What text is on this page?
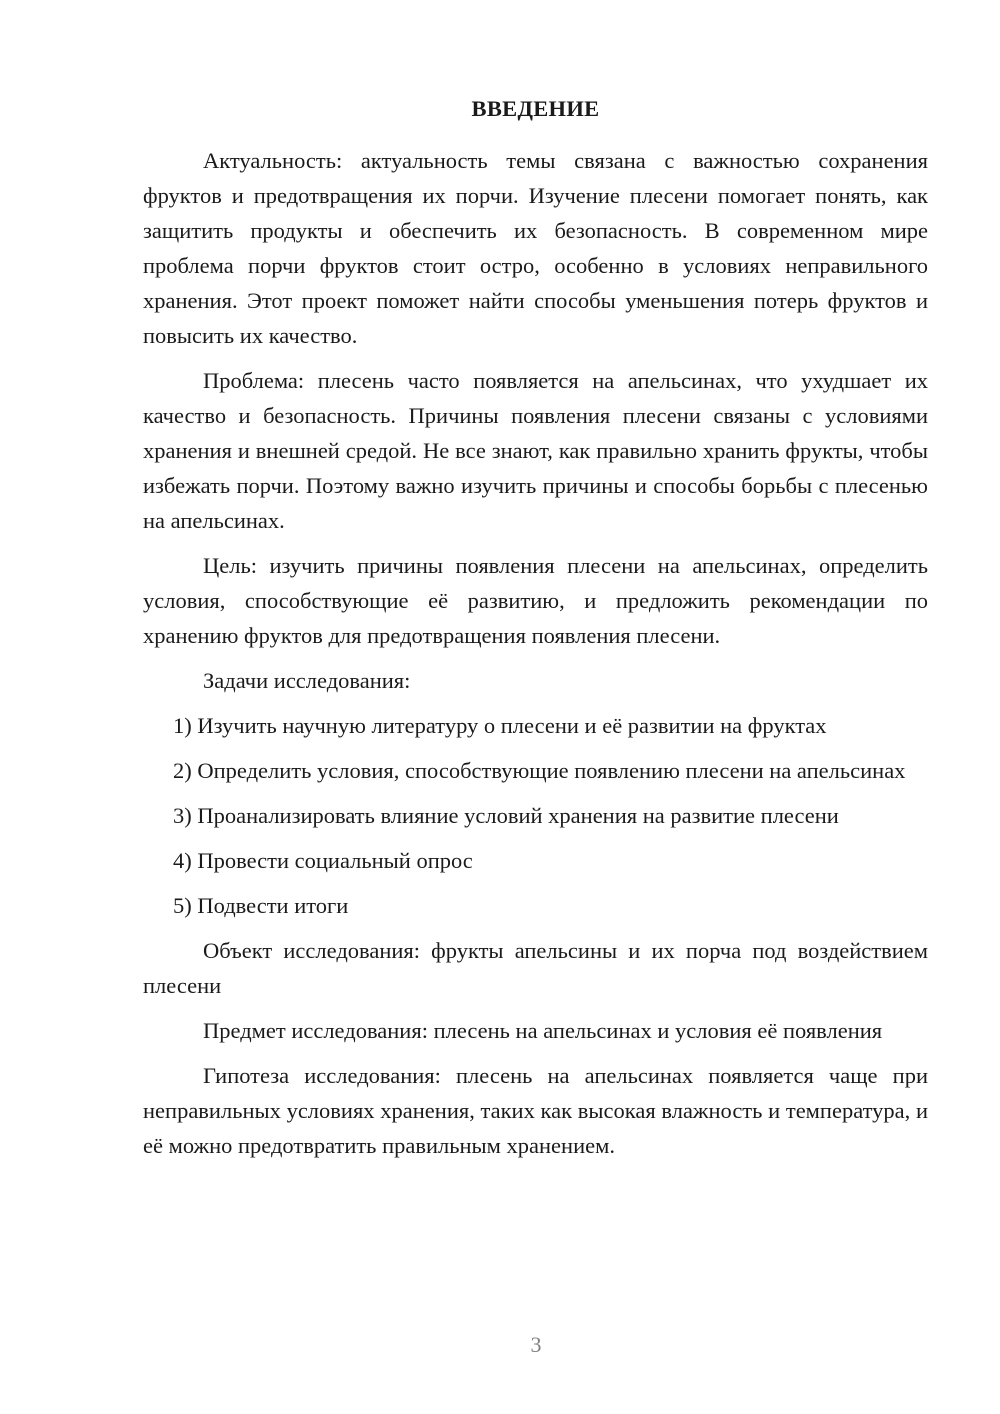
ВВЕДЕНИЕ

Актуальность: актуальность темы связана с важностью сохранения фруктов и предотвращения их порчи. Изучение плесени помогает понять, как защитить продукты и обеспечить их безопасность. В современном мире проблема порчи фруктов стоит остро, особенно в условиях неправильного хранения. Этот проект поможет найти способы уменьшения потерь фруктов и повысить их качество.

Проблема: плесень часто появляется на апельсинах, что ухудшает их качество и безопасность. Причины появления плесени связаны с условиями хранения и внешней средой. Не все знают, как правильно хранить фрукты, чтобы избежать порчи. Поэтому важно изучить причины и способы борьбы с плесенью на апельсинах.

Цель: изучить причины появления плесени на апельсинах, определить условия, способствующие её развитию, и предложить рекомендации по хранению фруктов для предотвращения появления плесени.

Задачи исследования:

1) Изучить научную литературу о плесени и её развитии на фруктах

2) Определить условия, способствующие появлению плесени на апельсинах

3) Проанализировать влияние условий хранения на развитие плесени

4) Провести социальный опрос

5) Подвести итоги

Объект исследования: фрукты апельсины и их порча под воздействием плесени

Предмет исследования: плесень на апельсинах и условия её появления

Гипотеза исследования: плесень на апельсинах появляется чаще при неправильных условиях хранения, таких как высокая влажность и температура, и её можно предотвратить правильным хранением.

3
